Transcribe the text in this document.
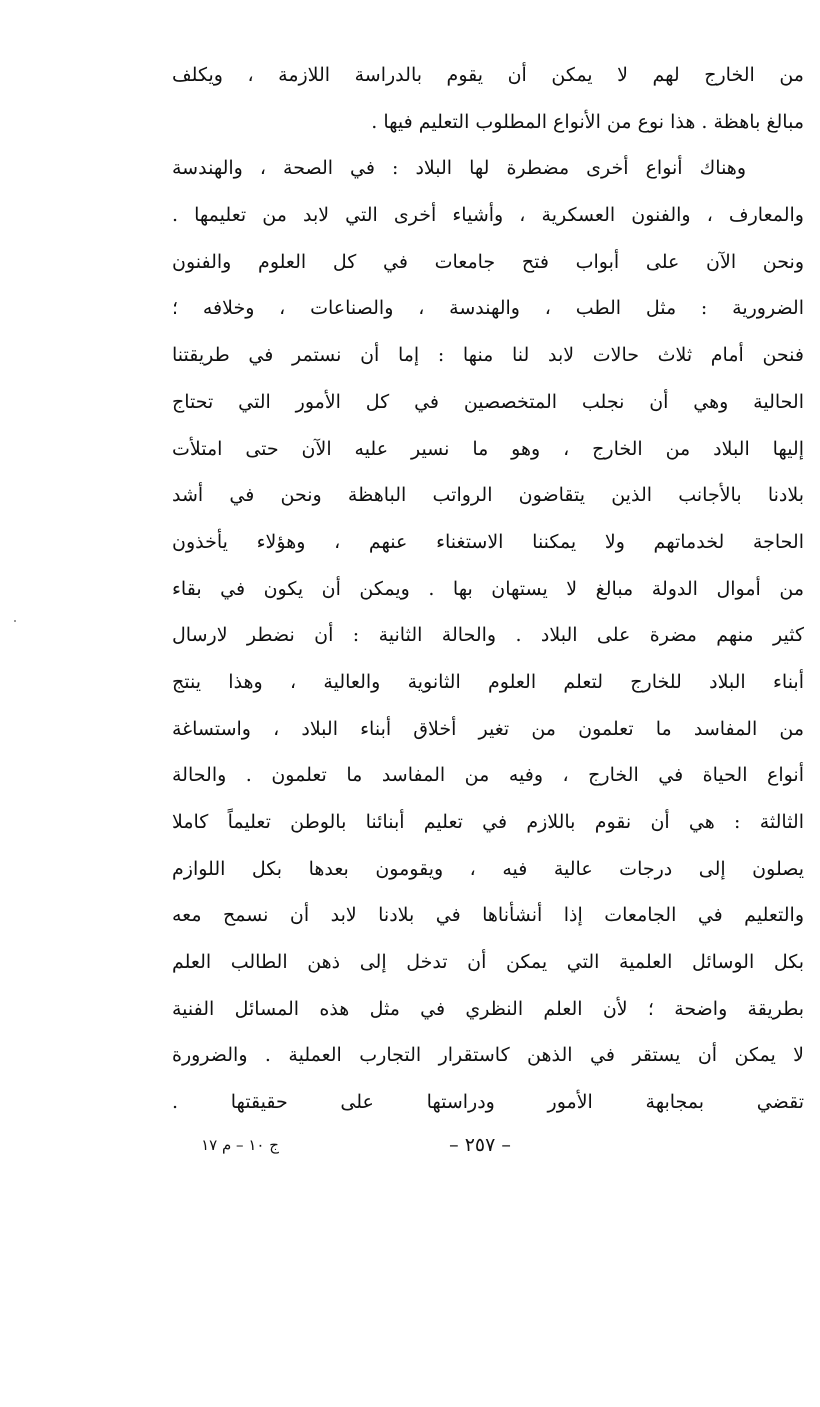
من الخارج لهم لا يمكن أن يقوم بالدراسة اللازمة ، ويكلف
مبالغ باهظة . هذا نوع من الأنواع المطلوب التعليم فيها .
وهناك أنواع أخرى مضطرة لها البلاد : في الصحة ، والهندسة
والمعارف ، والفنون العسكرية ، وأشياء أخرى التي لابد من تعليمها .
ونحن الآن على أبواب فتح جامعات في كل العلوم والفنون
الضرورية : مثل الطب ، والهندسة ، والصناعات ، وخلافه ؛
فنحن أمام ثلاث حالات لابد لنا منها : إما أن نستمر في طريقتنا
الحالية وهي أن نجلب المتخصصين في كل الأمور التي تحتاج
إليها البلاد من الخارج ، وهو ما نسير عليه الآن حتى امتلأت
بلادنا بالأجانب الذين يتقاضون الرواتب الباهظة ونحن في أشد
الحاجة لخدماتهم ولا يمكننا الاستغناء عنهم ، وهؤلاء يأخذون
من أموال الدولة مبالغ لا يستهان بها . ويمكن أن يكون في بقاء
كثير منهم مضرة على البلاد . والحالة الثانية : أن نضطر لارسال
أبناء البلاد للخارج لتعلم العلوم الثانوية والعالية ، وهذا ينتج
من المفاسد ما تعلمون من تغير أخلاق أبناء البلاد ، واستساغة
أنواع الحياة في الخارج ، وفيه من المفاسد ما تعلمون . والحالة
الثالثة : هي أن نقوم باللازم في تعليم أبنائنا بالوطن تعليماً كاملا
يصلون إلى درجات عالية فيه ، ويقومون بعدها بكل اللوازم
والتعليم في الجامعات إذا أنشأناها في بلادنا لابد أن نسمح معه
بكل الوسائل العلمية التي يمكن أن تدخل إلى ذهن الطالب العلم
بطريقة واضحة ؛ لأن العلم النظري في مثل هذه المسائل الفنية
لا يمكن أن يستقر في الذهن كاستقرار التجارب العملية . والضرورة
تقضي بمجابهة الأمور ودراستها على حقيقتها .
– ٢٥٧ –
ج ١٠ – م ١٧
